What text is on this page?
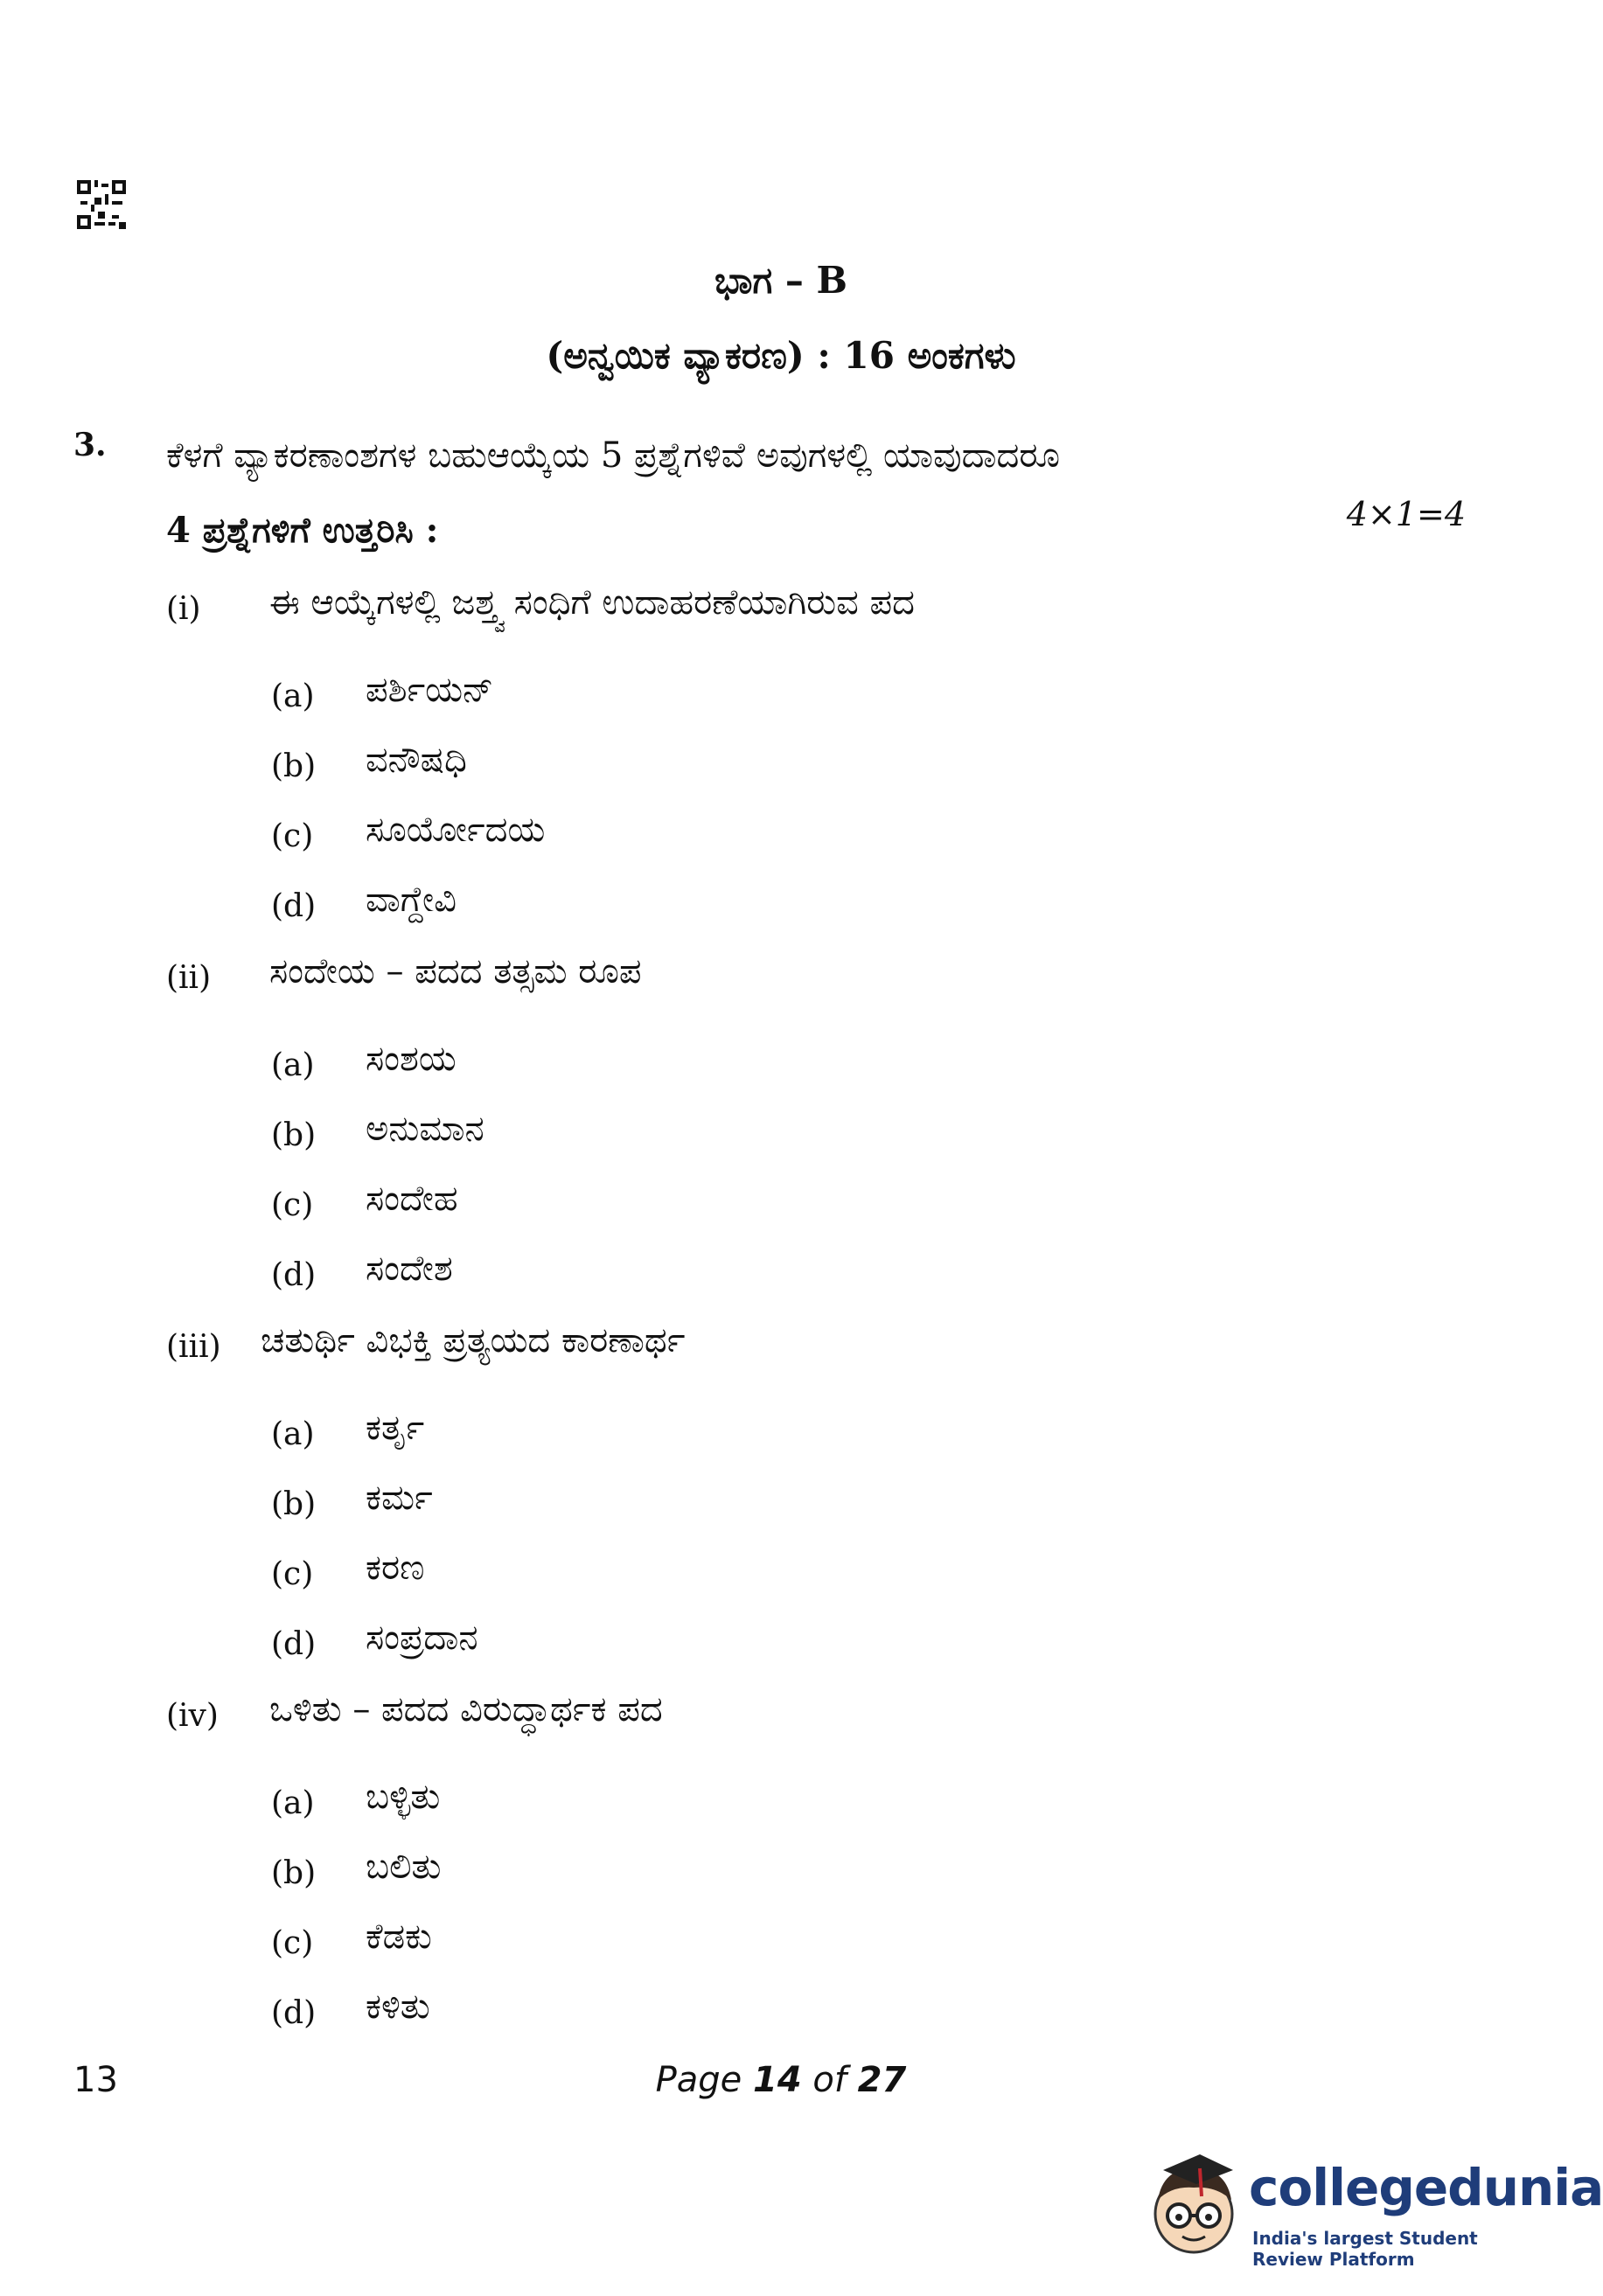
ಭಾಗ – B
(ಅನ್ವಯಿಕ ವ್ಯಾಕರಣ) : 16 ಅಂಕಗಳು
3. ಕೆಳಗೆ ವ್ಯಾಕರಣಾಂಶಗಳ ಬಹುಆಯ್ಕೆಯ 5 ಪ್ರಶ್ನೆಗಳಿವೆ ಅವುಗಳಲ್ಲಿ ಯಾವುದಾದರೂ
4 ಪ್ರಶ್ನೆಗಳಿಗೆ ಉತ್ತರಿಸಿ :	4×1=4
(i) ಈ ಆಯ್ಕೆಗಳಲ್ಲಿ ಜಶ್ತ್ವ ಸಂಧಿಗೆ ಉದಾಹರಣೆಯಾಗಿರುವ ಪದ
(a) ಪರ್ಶಿಯನ್
(b) ವನೌಷಧಿ
(c) ಸೂರ್ಯೋದಯ
(d) ವಾಗ್ದೇವಿ
(ii) ಸಂದೇಯ – ಪದದ ತತ್ಸಮ ರೂಪ
(a) ಸಂಶಯ
(b) ಅನುಮಾನ
(c) ಸಂದೇಹ
(d) ಸಂದೇಶ
(iii) ಚತುರ್ಥಿ ವಿಭಕ್ತಿ ಪ್ರತ್ಯಯದ ಕಾರಣಾರ್ಥ
(a) ಕರ್ತೃ
(b) ಕರ್ಮ
(c) ಕರಣ
(d) ಸಂಪ್ರದಾನ
(iv) ಒಳಿತು – ಪದದ ವಿರುದ್ಧಾರ್ಥಕ ಪದ
(a) ಬಳ್ಳಿತು
(b) ಬಲಿತು
(c) ಕೆಡಕು
(d) ಕಳಿತು
13	Page 14 of 27
collegedunia
India's largest Student Review Platform
